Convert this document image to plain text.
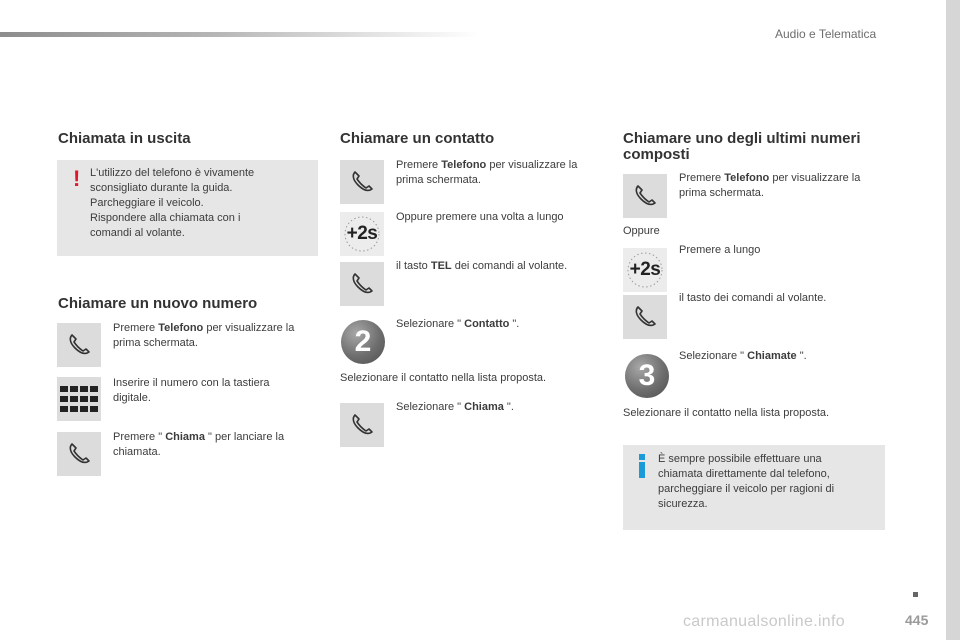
Audio e Telematica
Chiamata in uscita
! L'utilizzo del telefono è vivamente
sconsigliato durante la guida.
Parcheggiare il veicolo.
Rispondere alla chiamata con i
comandi al volante.
Chiamare un nuovo numero
Premere Telefono per visualizzare la
prima schermata.
Inserire il numero con la tastiera
digitale.
Premere " Chiama " per lanciare la
chiamata.
Chiamare un contatto
Premere Telefono per visualizzare la
prima schermata.
Oppure premere una volta a lungo
+2s
il tasto TEL dei comandi al volante.
2
Selezionare " Contatto ".
Selezionare il contatto nella lista proposta.
Selezionare " Chiama ".
Chiamare uno degli ultimi numeri
composti
Premere Telefono per visualizzare la
prima schermata.
Oppure
Premere a lungo
+2s
il tasto dei comandi al volante.
3
Selezionare " Chiamate ".
Selezionare il contatto nella lista proposta.
È sempre possibile effettuare una
chiamata direttamente dal telefono,
parcheggiare il veicolo per ragioni di
sicurezza.
carmanualsonline.info	445
